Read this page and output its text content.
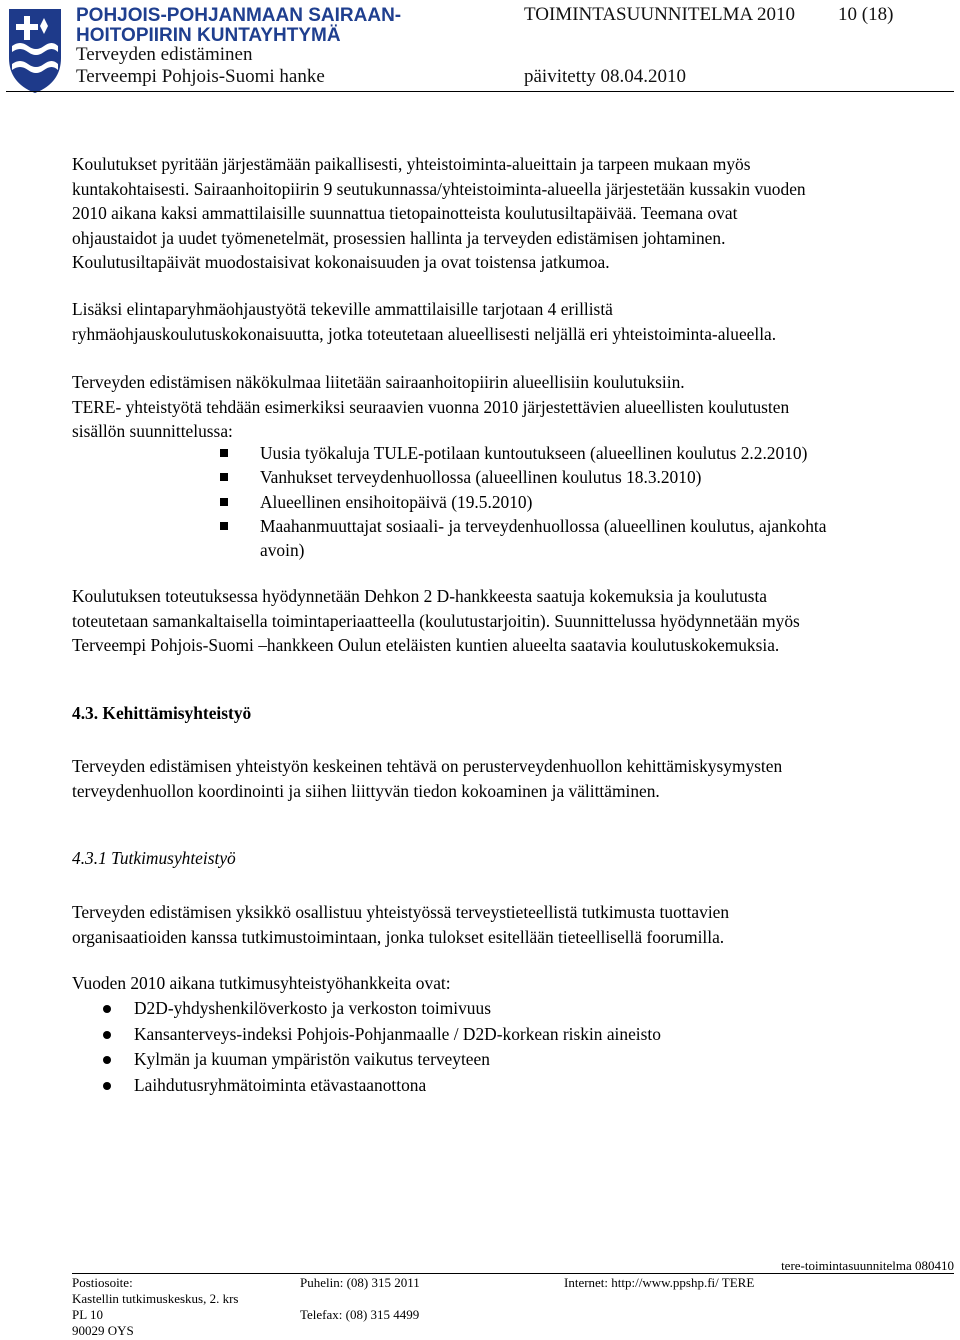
POHJOIS-POHJANMAAN SAIRAAN-
HOITOPIIRIN KUNTAYHTYMÄ
Terveyden edistäminen
Terveempi Pohjois-Suomi hanke
TOIMINTASUUNNITELMA 2010 10 (18)
päivitetty 08.04.2010
Koulutukset pyritään järjestämään paikallisesti, yhteistoiminta-alueittain ja tarpeen mukaan myös
kuntakohtaisesti. Sairaanhoitopiirin 9 seutukunnassa/yhteistoiminta-alueella järjestetään kussakin vuoden
2010 aikana kaksi ammattilaisille suunnattua tietopainotteista koulutusiltapäivää. Teemana ovat
ohjaustaidot ja uudet työmenetelmät, prosessien hallinta ja terveyden edistämisen johtaminen.
Koulutusiltapäivät muodostaisivat kokonaisuuden ja ovat toistensa jatkumoa.
Lisäksi elintaparyhmäohjaustyötä tekeville ammattilaisille tarjotaan 4 erillistä
ryhmäohjauskoulutuskokonaisuutta, jotka toteutetaan alueellisesti neljällä eri yhteistoiminta-alueella.
Terveyden edistämisen näkökulmaa liitetään sairaanhoitopiirin alueellisiin koulutuksiin.
TERE- yhteistyötä tehdään esimerkiksi seuraavien vuonna 2010 järjestettävien alueellisten koulutusten
sisällön suunnittelussa:
Uusia työkaluja TULE-potilaan kuntoutukseen (alueellinen koulutus 2.2.2010)
Vanhukset terveydenhuollossa (alueellinen koulutus 18.3.2010)
Alueellinen ensihoitopäivä (19.5.2010)
Maahanmuuttajat sosiaali- ja terveydenhuollossa (alueellinen koulutus, ajankohta
avoin)
Koulutuksen toteutuksessa hyödynnetään Dehkon 2 D-hankkeesta saatuja kokemuksia ja koulutusta
toteutetaan samankaltaisella toimintaperiaatteella (koulutustarjoitin). Suunnittelussa hyödynnetään myös
Terveempi Pohjois-Suomi –hankkeen Oulun eteläisten kuntien alueelta saatavia koulutuskokemuksia.
4.3. Kehittämisyhteistyö
Terveyden edistämisen yhteistyön keskeinen tehtävä on perusterveydenhuollon kehittämiskysymysten
terveydenhuollon koordinointi ja siihen liittyvän tiedon kokoaminen ja välittäminen.
4.3.1 Tutkimusyhteistyö
Terveyden edistämisen yksikkö osallistuu yhteistyössä terveystieteellistä tutkimusta tuottavien
organisaatioiden kanssa tutkimustoimintaan, jonka tulokset esitellään tieteellisellä foorumilla.
Vuoden 2010 aikana tutkimusyhteistyöhankkeita ovat:
D2D-yhdyshenkilöverkosto ja verkoston toimivuus
Kansanterveys-indeksi Pohjois-Pohjanmaalle / D2D-korkean riskin aineisto
Kylmän ja kuuman ympäristön vaikutus terveyteen
Laihdutusryhmätoiminta etävastaanottona
tere-toimintasuunnitelma 080410
Postiosoite:
Kastellin tutkimuskeskus, 2. krs
PL 10
90029 OYS
Puhelin: (08) 315 2011
Telefax: (08) 315 4499
Internet: http://www.ppshp.fi/ TERE
